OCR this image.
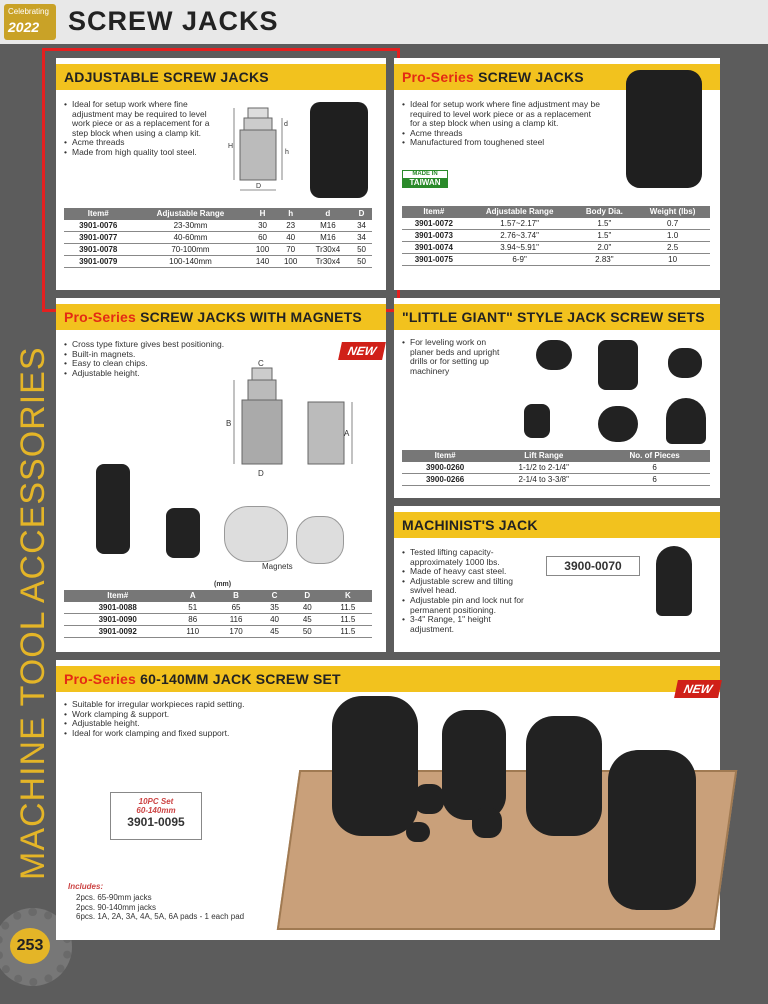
Celebrating
2022 SCREW JACKS
MACHINE TOOL ACCESSORIES
253
ADJUSTABLE SCREW JACKS
• Ideal for setup work where fine adjustment may be required to level work piece or as a replacement for a step block when using a clamp kit.
• Acme threads
• Made from high quality tool steel.
H
h
d
D
Item#	Adjustable Range	H	h	d	D
3901-0076	23-30mm	30	23	M16	34
3901-0077	40-60mm	60	40	M16	34
3901-0078	70-100mm	100	70	Tr30x4	50
3901-0079	100-140mm	140	100	Tr30x4	50
Pro-Series SCREW JACKS
• Ideal for setup work where fine adjustment may be required to level work piece or as a replacement for a step block when using a clamp kit.
• Acme threads
• Manufactured from toughened steel
MADE IN
TAIWAN
Item#	Adjustable Range	Body Dia.	Weight (lbs)
3901-0072	1.57~2.17"	1.5"	0.7
3901-0073	2.76~3.74"	1.5"	1.0
3901-0074	3.94~5.91"	2.0"	2.5
3901-0075	6-9"	2.83"	10
Pro-Series SCREW JACKS WITH MAGNETS
NEW
• Cross type fixture gives best positioning.
• Built-in magnets.
• Easy to clean chips.
• Adjustable height.
C
B
A
D
Magnets
(mm)
Item#	A	B	C	D	K
3901-0088	51	65	35	40	11.5
3901-0090	86	116	40	45	11.5
3901-0092	110	170	45	50	11.5
"LITTLE GIANT" STYLE JACK SCREW SETS
• For leveling work on planer beds and upright drills or for setting up machinery
Item#	Lift Range	No. of Pieces
3900-0260	1-1/2 to 2-1/4"	6
3900-0266	2-1/4 to 3-3/8"	6
MACHINIST'S JACK
• Tested lifting capacity- approximately 1000 lbs.
• Made of heavy cast steel.
• Adjustable screw and tilting swivel head.
• Adjustable pin and lock nut for permanent positioning.
• 3-4" Range, 1" height adjustment.
3900-0070
Pro-Series 60-140MM JACK SCREW SET
NEW
• Suitable for irregular workpieces rapid setting.
• Work clamping & support.
• Adjustable height.
• Ideal for work clamping and fixed support.
10PC Set
60-140mm
3901-0095
Includes:
2pcs. 65-90mm jacks
2pcs. 90-140mm jacks
6pcs. 1A, 2A, 3A, 4A, 5A, 6A pads - 1 each pad
